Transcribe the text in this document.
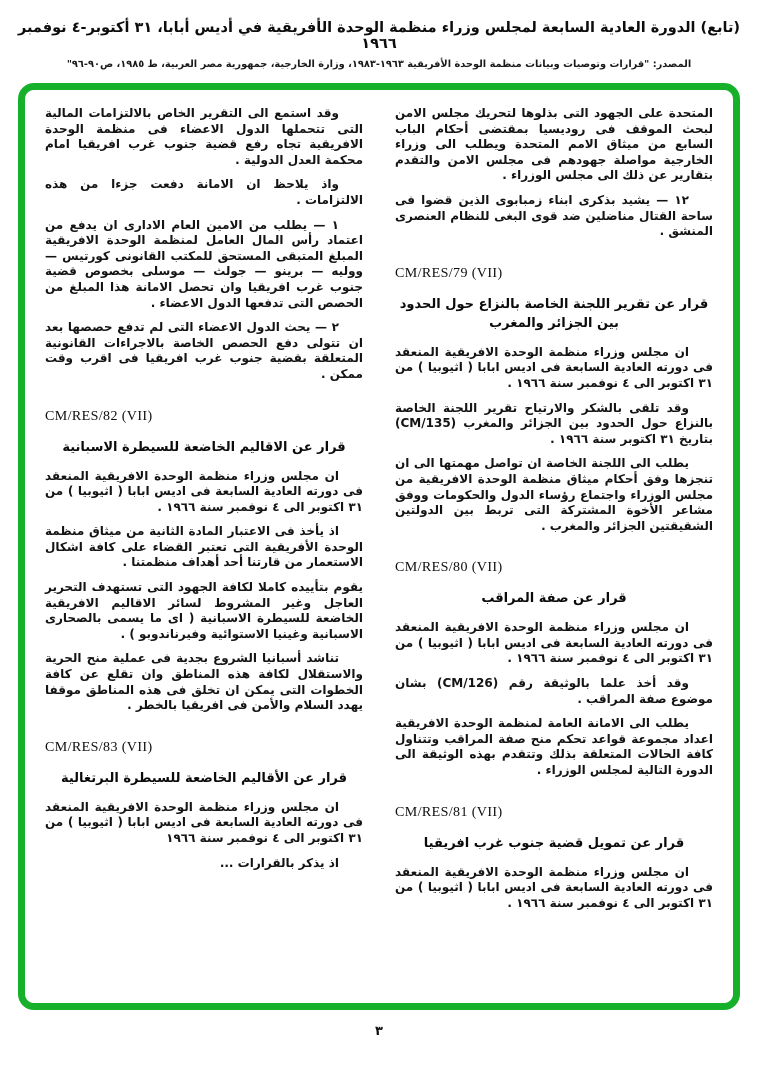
(تابع) الدورة العادية السابعة لمجلس وزراء منظمة الوحدة الأفريقية في أديس أبابا، ٣١ أكتوبر-٤ نوفمبر ١٩٦٦
المصدر: "قرارات وتوصيات وبيانات منظمة الوحدة الأفريقية ١٩٦٣-١٩٨٣، وزارة الخارجية، جمهورية مصر العربية، ط ١٩٨٥، ص٩٠-٩٦"
المتحدة على الجهود التى بذلوها لتحريك مجلس الامن لبحث الموقف فى روديسيا بمقتضى أحكام الباب السابع من ميثاق الامم المتحدة ويطلب الى وزراء الخارجية مواصلة جهودهم فى مجلس الامن والتقدم بتقارير عن ذلك الى مجلس الوزراء .
١٢ — يشيد بذكرى ابناء زمبابوى الذين قضوا فى ساحة القتال مناضلين ضد قوى البغى للنظام العنصرى المنشق .
CM/RES/79 (VII)
قرار عن تقرير اللجنة الخاصة بالنزاع حول الحدود بين الجزائر والمغرب
ان مجلس وزراء منظمة الوحدة الافريقية المنعقد فى دورته العادية السابعة فى اديس ابابا ( اثيوبيا ) من ٣١ اكتوبر الى ٤ نوفمبر سنة ١٩٦٦ .
وقد تلقى بالشكر والارتياح تقرير اللجنة الخاصة بالنزاع حول الحدود بين الجزائر والمغرب (CM/135) بتاريخ ٣١ اكتوبر سنة ١٩٦٦ .
يطلب الى اللجنة الخاصة ان تواصل مهمتها الى ان تنجزها وفق أحكام ميثاق منظمة الوحدة الافريقية من مجلس الوزراء واجتماع رؤساء الدول والحكومات ووفق مشاعر الأخوة المشتركة التى تربط بين الدولتين الشقيقتين الجزائر والمغرب .
CM/RES/80 (VII)
قرار عن صفة المراقب
ان مجلس وزراء منظمة الوحدة الافريقية المنعقد فى دورته العادية السابعة فى اديس ابابا ( اثيوبيا ) من ٣١ اكتوبر الى ٤ نوفمبر سنة ١٩٦٦ .
وقد أخذ علما بالوثيقة رقم (CM/126) بشان موضوع صفة المراقب .
يطلب الى الامانة العامة لمنظمة الوحدة الافريقية اعداد مجموعة قواعد تحكم منح صفة المراقب وتتناول كافة الحالات المتعلقة بذلك وتتقدم بهذه الوثيقة الى الدورة التالية لمجلس الوزراء .
CM/RES/81 (VII)
قرار عن تمويل قضية جنوب غرب افريقيا
ان مجلس وزراء منظمة الوحدة الافريقية المنعقد فى دورته العادية السابعة فى اديس ابابا ( اثيوبيا ) من ٣١ اكتوبر الى ٤ نوفمبر سنة ١٩٦٦ .
وقد استمع الى التقرير الخاص بالالتزامات المالية التى تتحملها الدول الاعضاء فى منظمة الوحدة الافريقية تجاه رفع قضية جنوب غرب افريقيا امام محكمة العدل الدولية .
واذ يلاحظ ان الامانة دفعت جزءا من هذه الالتزامات .
١ — يطلب من الامين العام الادارى ان يدفع من اعتماد رأس المال العامل لمنظمة الوحدة الافريقية المبلغ المتبقى المستحق للمكتب القانونى كورتيس — ووليه — برينو — جولث — موسلى بخصوص قضية جنوب غرب افريقيا وان تحصل الامانة هذا المبلغ من الحصص التى تدفعها الدول الاعضاء .
٢ — يحث الدول الاعضاء التى لم تدفع حصصها بعد ان تتولى دفع الحصص الخاصة بالاجراءات القانونية المتعلقة بقضية جنوب غرب افريقيا فى اقرب وقت ممكن .
CM/RES/82 (VII)
قرار عن الاقاليم الخاضعة للسيطرة الاسبانية
ان مجلس وزراء منظمة الوحدة الافريقية المنعقد فى دورته العادية السابعة فى اديس ابابا ( اثيوبيا ) من ٣١ اكتوبر الى ٤ نوفمبر سنة ١٩٦٦ .
اذ يأخذ فى الاعتبار المادة الثانية من ميثاق منظمة الوحدة الأفريقية التى تعتبر القضاء على كافة اشكال الاستعمار من قارتنا أحد أهداف منظمتنا .
يقوم بتأييده كاملا لكافة الجهود التى تستهدف التحرير العاجل وغير المشروط لسائر الاقاليم الافريقية الخاضعة للسيطرة الاسبانية ( اى ما يسمى بالصحارى الاسبانية وغينيا الاستوائية وفيرناندوبو ) .
تناشد أسبانيا الشروع بجدية فى عملية منح الحرية والاستقلال لكافة هذه المناطق وان تقلع عن كافة الخطوات التى يمكن ان تخلق فى هذه المناطق موقفا يهدد السلام والأمن فى افريقيا بالخطر .
CM/RES/83 (VII)
قرار عن الأقاليم الخاضعة للسيطرة البرتغالية
ان مجلس وزراء منظمة الوحدة الافريقية المنعقد فى دورته العادية السابعة فى اديس ابابا ( اثيوبيا ) من ٣١ اكتوبر الى ٤ نوفمبر سنة ١٩٦٦
اذ يذكر بالقرارات ...
٣
